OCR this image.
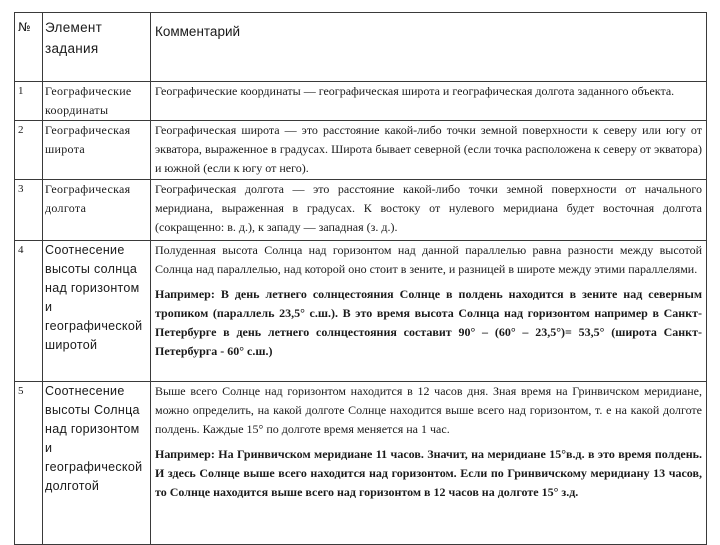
№	Элемент задания	Комментарий
1	Географические координаты	Географические координаты — географическая широта и географическая долгота заданного объекта.
2	Географическая широта	Географическая широта — это расстояние какой-либо точки земной поверхности к северу или югу от экватора, выраженное в градусах. Широта бывает северной (если точка расположена к северу от экватора) и южной (если к югу от него).
3	Географическая долгота	Географическая долгота — это расстояние какой-либо точки земной поверхности от начального меридиана, выраженная в градусах. К востоку от нулевого меридиана будет восточная долгота (сокращенно: в. д.), к западу — западная (з. д.).
4	Соотнесение высоты солнца над горизонтом и географической широтой	Полуденная высота Солнца над горизонтом над данной параллелью равна разности между высотой Солнца над параллелью, над которой оно стоит в зените, и разницей в широте между этими параллелями.
Например: В день летнего солнцестояния Солнце в полдень находится в зените над северным тропиком (параллель 23,5° с.ш.). В это время высота Солнца над горизонтом например в Санкт-Петербурге в день летнего солнцестояния составит 90° – (60° – 23,5°)= 53,5° (широта Санкт-Петербурга - 60° с.ш.)

5	Соотнесение высоты Солнца над горизонтом и географической долготой	Выше всего Солнце над горизонтом находится в 12 часов дня. Зная время на Гринвичском меридиане, можно определить, на какой долготе Солнце находится выше всего над горизонтом, т. е на какой долготе полдень. Каждые 15° по долготе время меняется на 1 час.
Например: На Гринвичском меридиане 11 часов. Значит, на меридиане 15°в.д. в это время полдень. И здесь Солнце выше всего находится над горизонтом. Если по Гринвичскому меридиану 13 часов, то Солнце находится выше всего над горизонтом в 12 часов на долготе 15° з.д.
